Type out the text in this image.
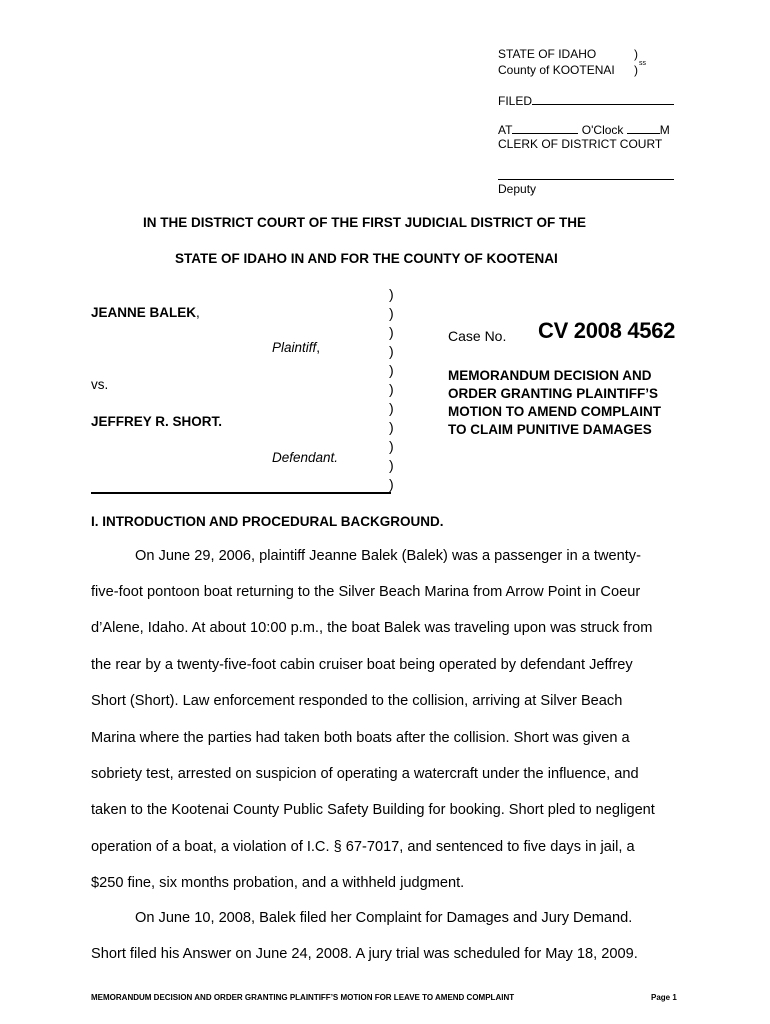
STATE OF IDAHO	)
County of KOOTENAI ) ss
FILED
AT	O'Clock	M
CLERK OF DISTRICT COURT
Deputy
IN THE DISTRICT COURT OF THE FIRST JUDICIAL DISTRICT OF THE
STATE OF IDAHO IN AND FOR THE COUNTY OF KOOTENAI
JEANNE BALEK,
Plaintiff,
vs.
JEFFREY R. SHORT.
Defendant.
)
)
)
)
)
)
)
)
)
)
)
Case No. CV 2008 4562
MEMORANDUM DECISION AND
ORDER GRANTING PLAINTIFF’S
MOTION TO AMEND COMPLAINT
TO CLAIM PUNITIVE DAMAGES
I. INTRODUCTION AND PROCEDURAL BACKGROUND.
On June 29, 2006, plaintiff Jeanne Balek (Balek) was a passenger in a twenty-
five-foot pontoon boat returning to the Silver Beach Marina from Arrow Point in Coeur
d’Alene, Idaho. At about 10:00 p.m., the boat Balek was traveling upon was struck from
the rear by a twenty-five-foot cabin cruiser boat being operated by defendant Jeffrey
Short (Short). Law enforcement responded to the collision, arriving at Silver Beach
Marina where the parties had taken both boats after the collision. Short was given a
sobriety test, arrested on suspicion of operating a watercraft under the influence, and
taken to the Kootenai County Public Safety Building for booking. Short pled to negligent
operation of a boat, a violation of I.C. § 67-7017, and sentenced to five days in jail, a
$250 fine, six months probation, and a withheld judgment.
On June 10, 2008, Balek filed her Complaint for Damages and Jury Demand.
Short filed his Answer on June 24, 2008. A jury trial was scheduled for May 18, 2009.
MEMORANDUM DECISION AND ORDER GRANTING PLAINTIFF’S MOTION FOR LEAVE TO AMEND COMPLAINT	Page 1
